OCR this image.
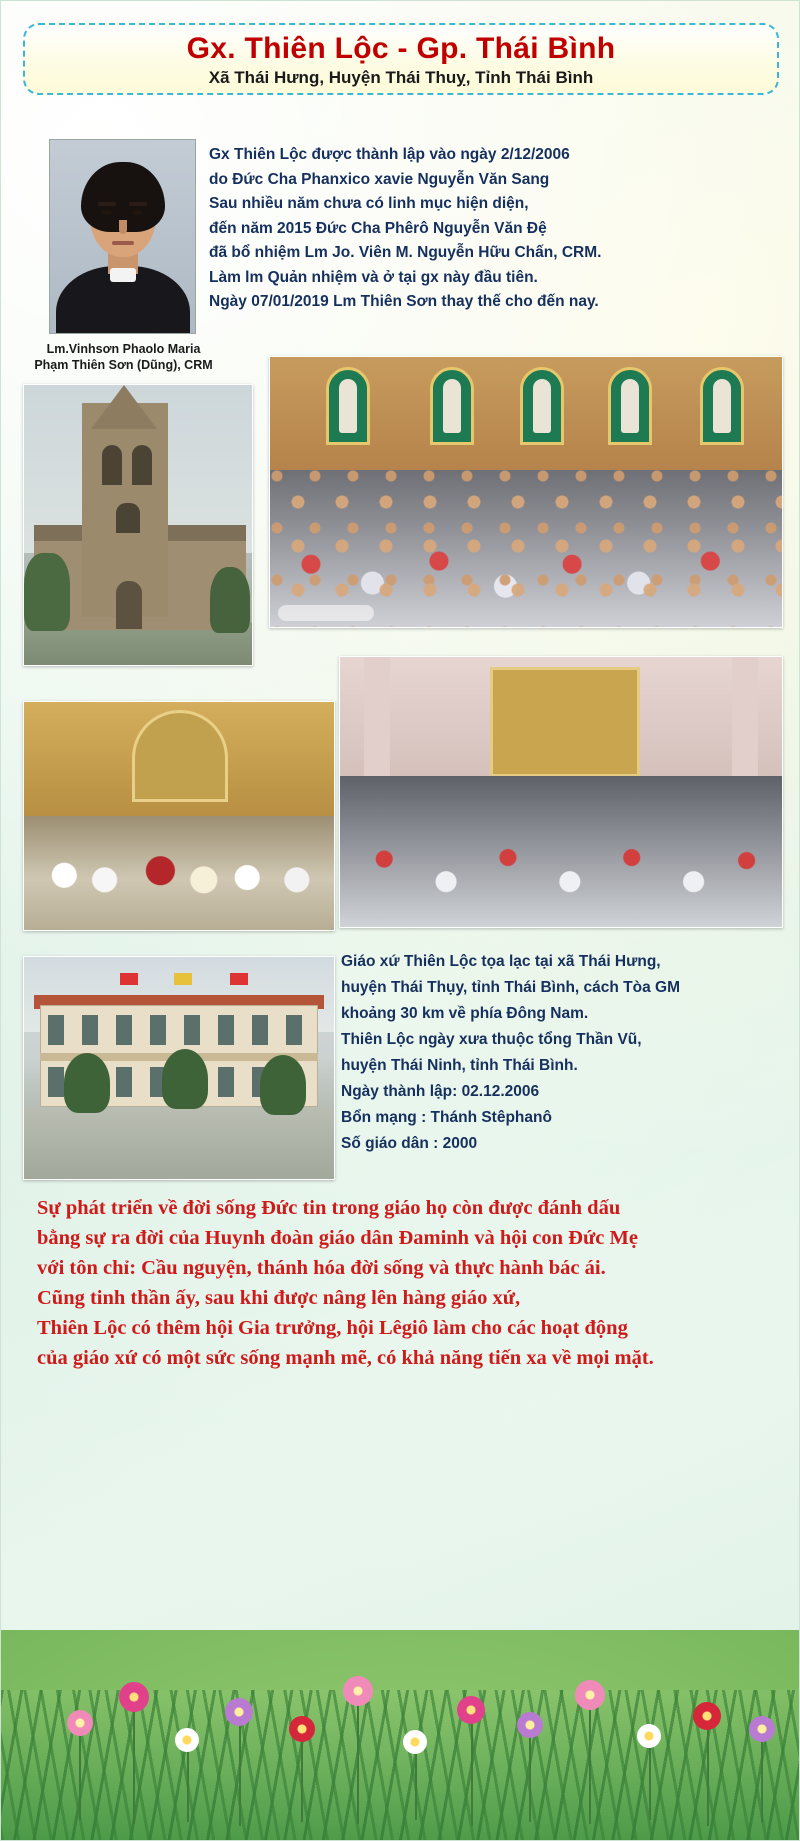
Gx. Thiên Lộc - Gp. Thái Bình
Xã Thái Hưng, Huyện Thái Thuỵ, Tỉnh Thái Bình
Lm.Vinhsơn Phaolo Maria
Phạm Thiên Sơn (Dũng), CRM
Gx Thiên Lộc được thành lập vào ngày 2/12/2006
do Đức Cha Phanxico xavie Nguyễn Văn Sang
Sau nhiều năm chưa có linh mục hiện diện,
đến năm 2015 Đức Cha Phêrô Nguyễn Văn Đệ
đã bổ nhiệm Lm Jo. Viên M. Nguyễn Hữu Chấn, CRM.
Làm lm Quản nhiệm và ở tại gx này đầu tiên.
Ngày 07/01/2019 Lm Thiên Sơn thay thế cho đến nay.
Giáo xứ Thiên Lộc tọa lạc tại xã Thái Hưng,
huyện Thái Thụy, tỉnh Thái Bình, cách Tòa GM
khoảng 30 km về phía Đông Nam.
Thiên Lộc ngày xưa thuộc tổng Thần Vũ,
huyện Thái Ninh, tỉnh Thái Bình.
Ngày thành lập: 02.12.2006
Bổn mạng : Thánh Stêphanô
Số giáo dân : 2000
Sự phát triển về đời sống Đức tin trong giáo họ còn được đánh dấu
bằng sự ra đời của Huynh đoàn giáo dân Đaminh và hội con Đức Mẹ
với tôn chỉ: Cầu nguyện, thánh hóa đời sống và thực hành bác ái.
Cũng tinh thần ấy, sau khi được nâng lên hàng giáo xứ,
Thiên Lộc có thêm hội Gia trưởng, hội Lêgiô làm cho các hoạt động
của giáo xứ có một sức sống mạnh mẽ, có khả năng tiến xa về mọi mặt.
